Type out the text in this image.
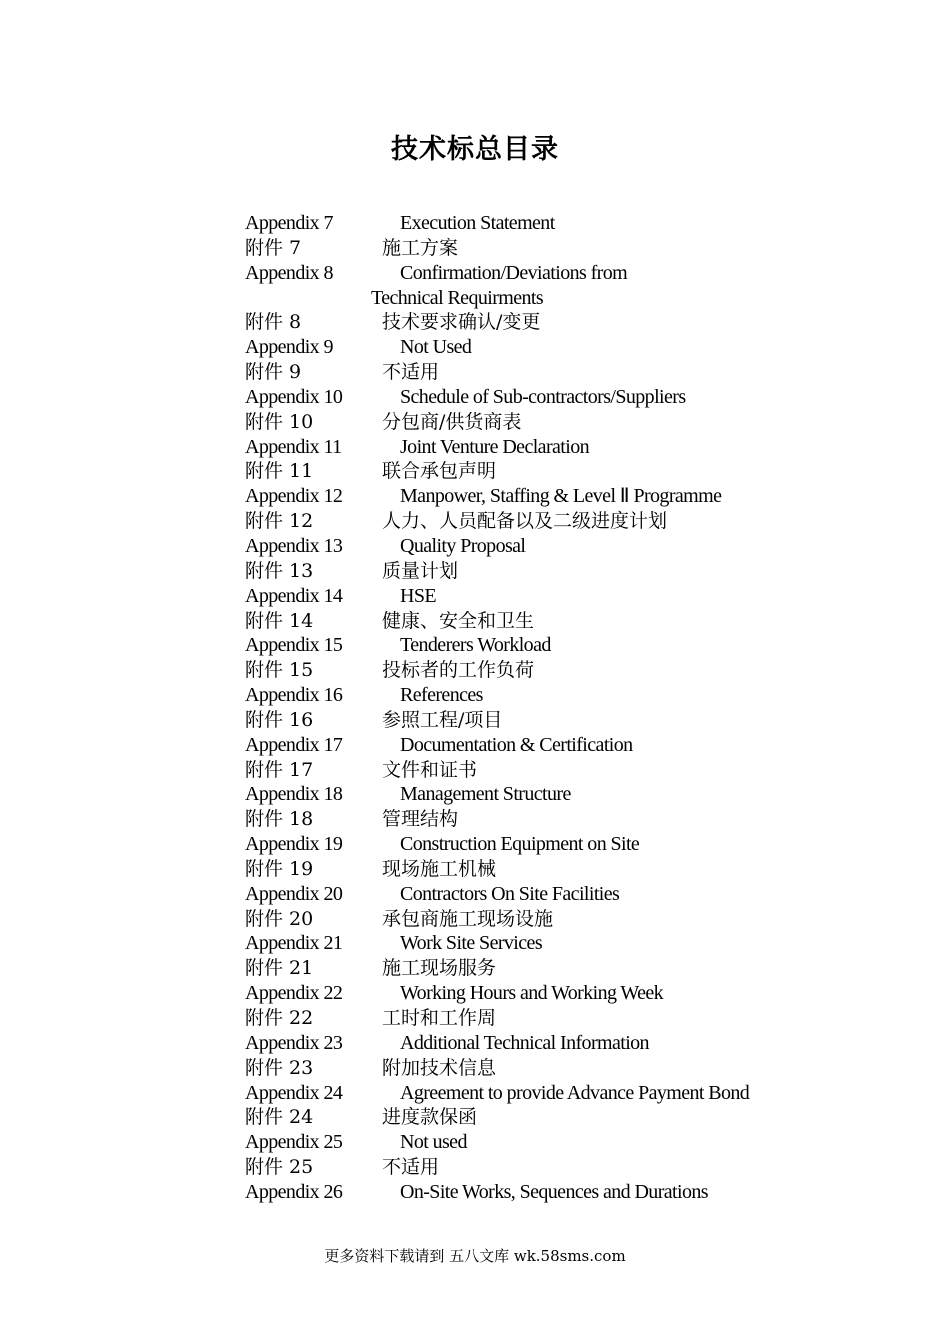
技术标总目录
Appendix 7	Execution Statement
附件 7	施工方案
Appendix 8	Confirmation/Deviations from
Technical Requirments
附件 8	技术要求确认/变更
Appendix 9	Not Used
附件 9	不适用
Appendix 10	Schedule of Sub-contractors/Suppliers
附件 10	分包商/供货商表
Appendix 11	Joint Venture Declaration
附件 11	联合承包声明
Appendix 12	Manpower, Staffing & Level Ⅱ Programme
附件 12	人力、人员配备以及二级进度计划
Appendix 13	Quality Proposal
附件 13	质量计划
Appendix 14	HSE
附件 14	健康、安全和卫生
Appendix 15	Tenderers Workload
附件 15	投标者的工作负荷
Appendix 16	References
附件 16	参照工程/项目
Appendix 17	Documentation & Certification
附件 17	文件和证书
Appendix 18	Management Structure
附件 18	管理结构
Appendix 19	Construction Equipment on Site
附件 19	现场施工机械
Appendix 20	Contractors On Site Facilities
附件 20	承包商施工现场设施
Appendix 21	Work Site Services
附件 21	施工现场服务
Appendix 22	Working Hours and Working Week
附件 22	工时和工作周
Appendix 23	Additional Technical Information
附件 23	附加技术信息
Appendix 24	Agreement to provide Advance Payment Bond
附件 24	进度款保函
Appendix 25	Not used
附件 25	不适用
Appendix 26	On-Site Works, Sequences and Durations
更多资料下载请到 五八文库 wk.58sms.com
